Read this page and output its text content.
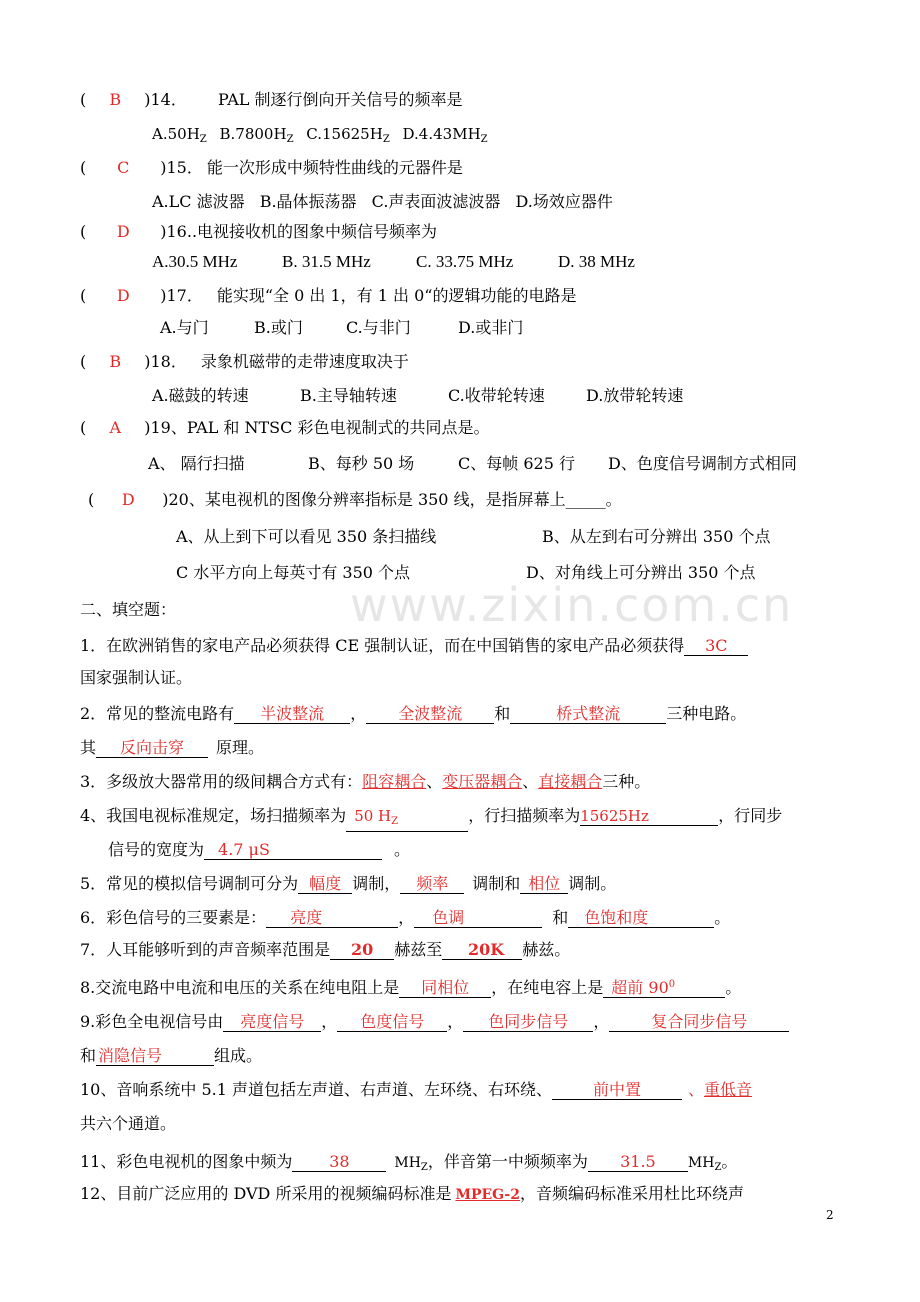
www.zixin.com.cn
( B )14． PAL 制逐行倒向开关信号的频率是
$A.50H_Z$ $B.7800H_Z$ $C.15625H_Z$ $D.4.43MH_Z$
( C )15． 能一次形成中频特性曲线的元器件是
A.LC 滤波器 B.晶体振荡器 C.声表面波滤波器 D.场效应器件
( D )16..电视接收机的图象中频信号频率为
A.30.5 MHz	B. 31.5 MHz	C. 33.75 MHz	D. 38 MHz
( D )17． 能实现“全 0 出 1，有 1 出 0“的逻辑功能的电路是
A.与门	B.或门	C.与非门	D.或非门
( B )18． 录象机磁带的走带速度取决于
A.磁鼓的转速	B.主导轴转速	C.收带轮转速	D.放带轮转速
( A )19、PAL 和 NTSC 彩色电视制式的共同点是。
A、 隔行扫描	B、每秒 50 场	C、每帧 625 行 D、色度信号调制方式相同
( D )20、某电视机的图像分辨率指标是 350 线，是指屏幕上_____。
A、从上到下可以看见 350 条扫描线	B、从左到右可分辨出 350 个点
C 水平方向上每英寸有 350 个点	D、对角线上可分辨出 350 个点
二、填空题：
1．在欧洲销售的家电产品必须获得 CE 强制认证，而在中国销售的家电产品必须获得 3C
国家强制认证。
2．常见的整流电路有 半波整流 ， 全波整流 和	桥式整流	三种电路。
其 反向击穿 原理。
3．多级放大器常用的级间耦合方式有：阻容耦合、变压器耦合、直接耦合三种。
4、我国电视标准规定，场扫描频率为 50 $H_Z$	，行扫描频率为15625Hz	，行同步
信号的宽度为 4.7 μS	。
5．常见的模拟信号调制可分为 幅度 调制， 频率 调制和 相位 调制。
6．彩色信号的三要素是： 亮度	， 色调	和 色饱和度	。
7．人耳能够听到的声音频率范围是 20 赫兹至 20K 赫兹。
8.交流电路中电流和电压的关系在纯电阻上是 同相位 ，在纯电容上是 超前 $90^0$	。
9.彩色全电视信号由 亮度信号 ， 色度信号 ， 色同步信号 ，	复合同步信号
和 消隐信号	组成。
10、音响系统中 5.1 声道包括左声道、右声道、左环绕、右环绕、	前中置	、重低音
共六个通道。
11、彩色电视机的图象中频为 38	$MH_Z$，伴音第一中频频率为 31.5 $MH_Z$。
12、目前广泛应用的 DVD 所采用的视频编码标准是 MPEG-2，音频编码标准采用杜比环绕声
2
